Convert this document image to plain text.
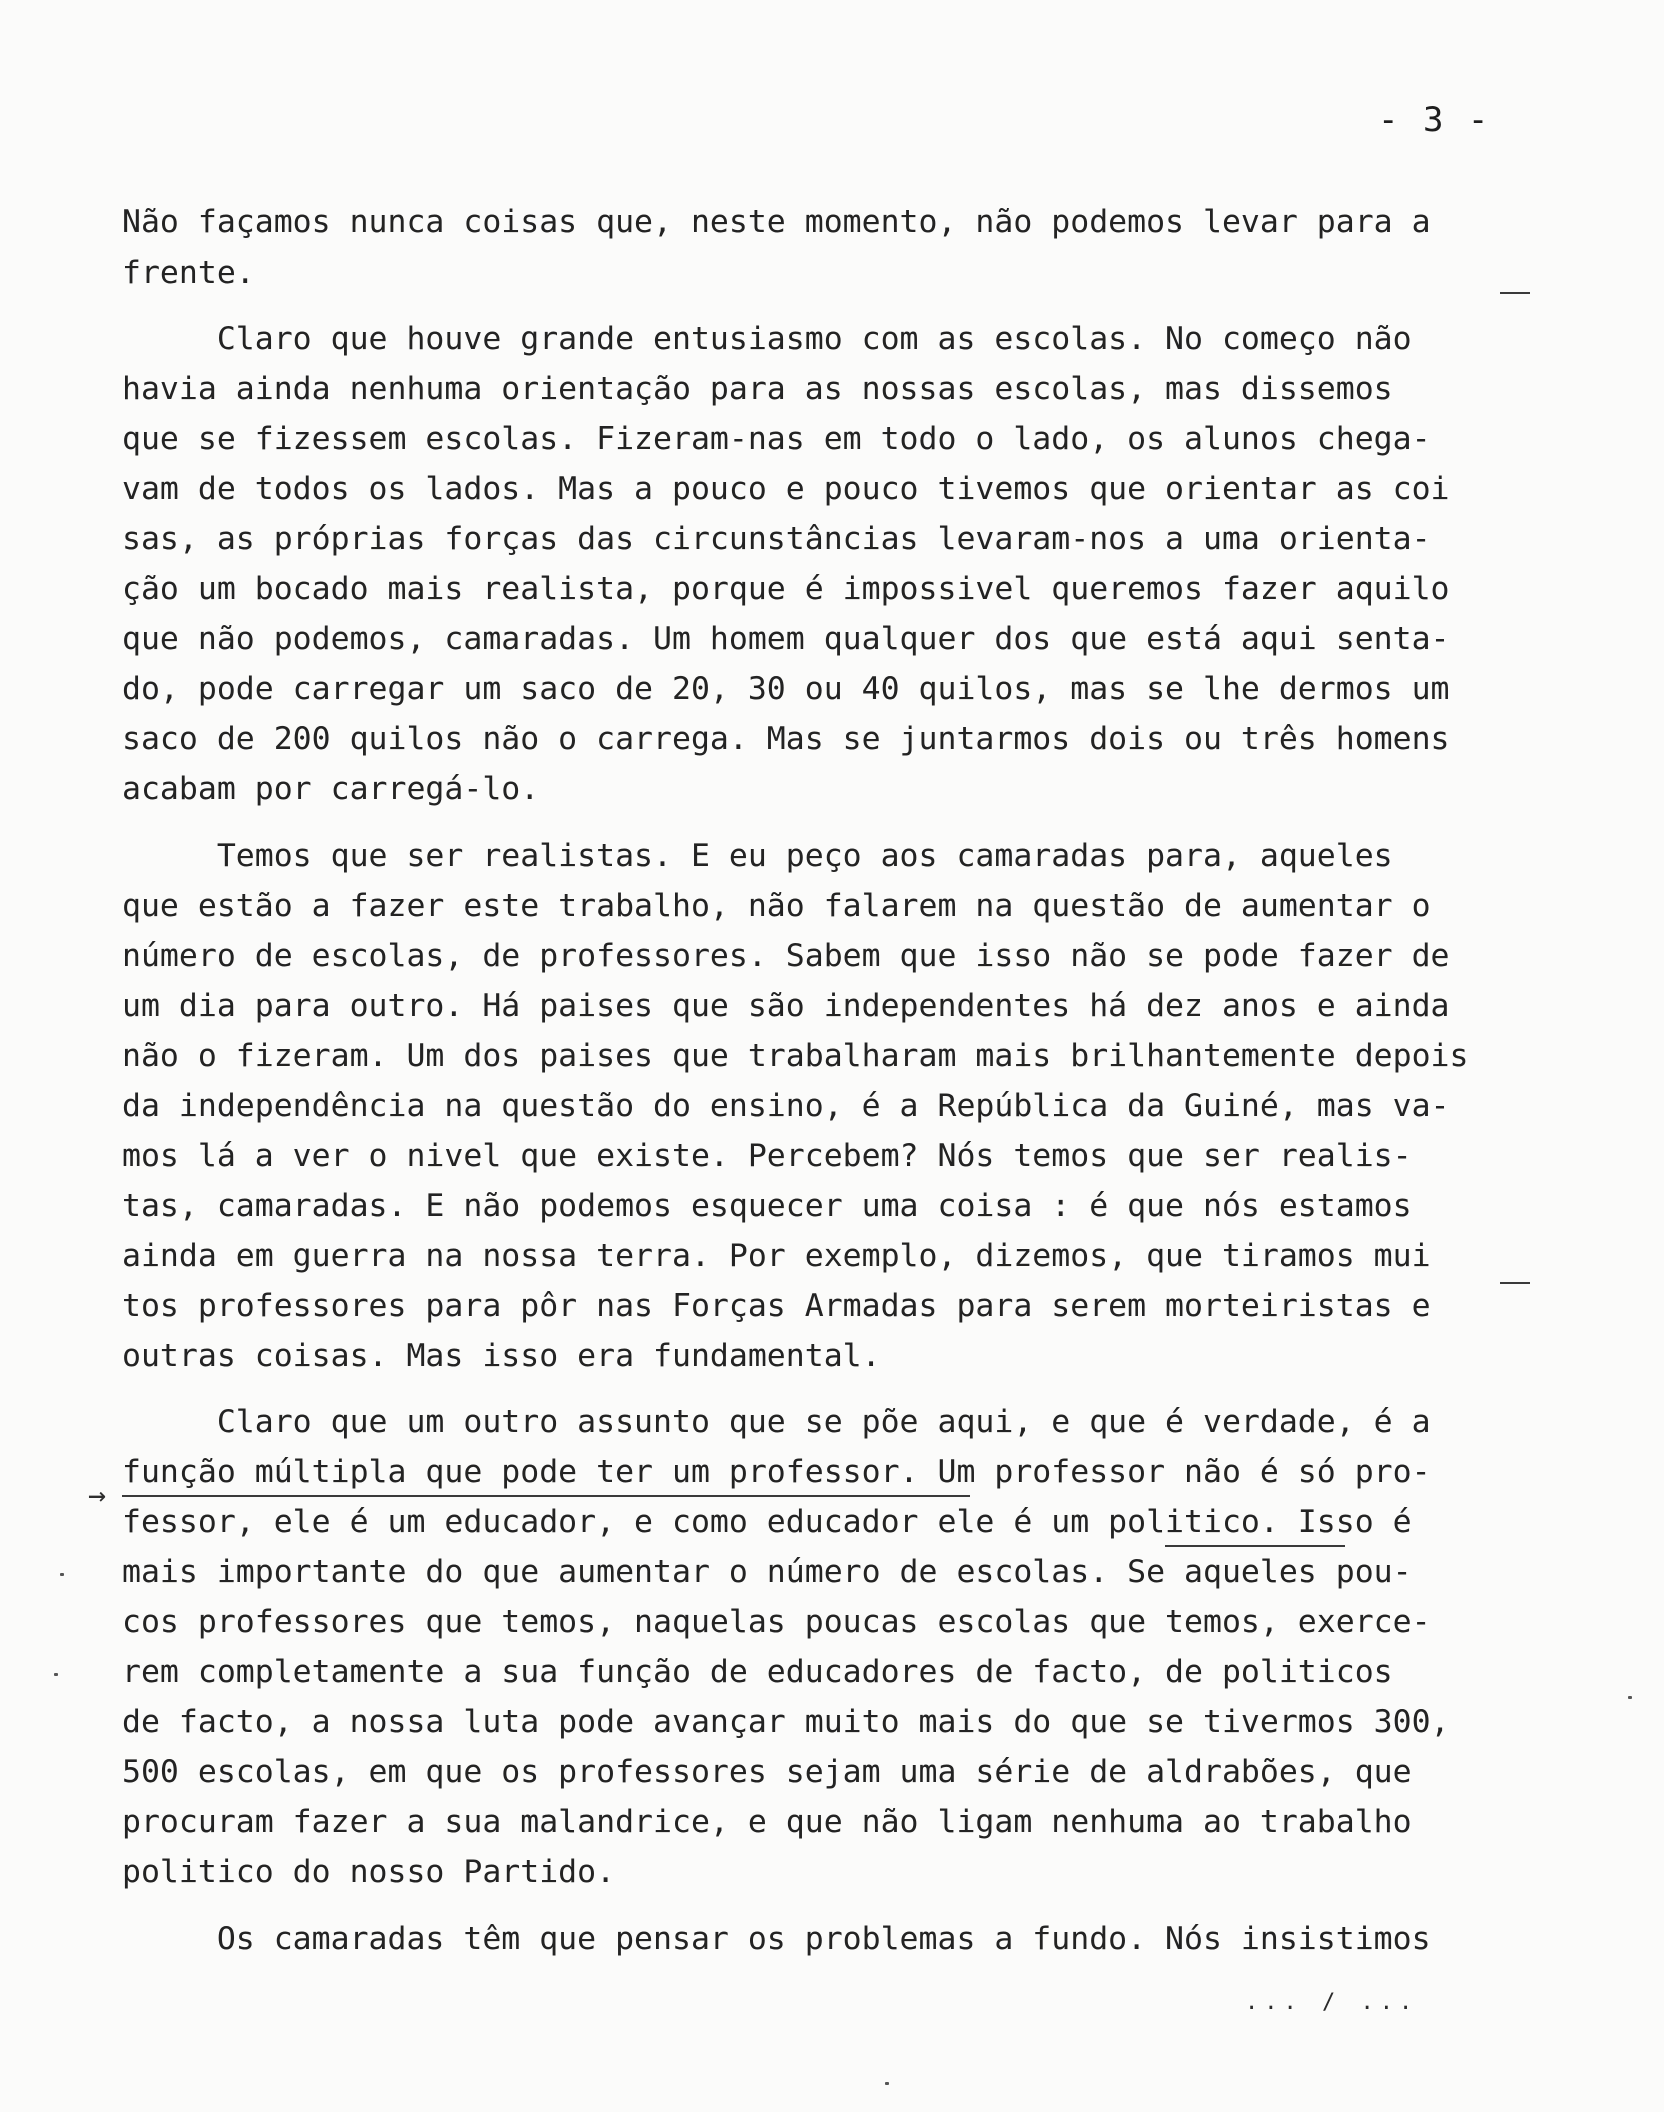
- 3 -
Não façamos nunca coisas que, neste momento, não podemos levar para a
frente.
Claro que houve grande entusiasmo com as escolas. No começo não
havia ainda nenhuma orientação para as nossas escolas, mas dissemos
que se fizessem escolas. Fizeram-nas em todo o lado, os alunos chega-
vam de todos os lados. Mas a pouco e pouco tivemos que orientar as coi
sas, as próprias forças das circunstâncias levaram-nos a uma orienta-
ção um bocado mais realista, porque é impossivel queremos fazer aquilo
que não podemos, camaradas. Um homem qualquer dos que está aqui senta-
do, pode carregar um saco de 20, 30 ou 40 quilos, mas se lhe dermos um
saco de 200 quilos não o carrega. Mas se juntarmos dois ou três homens
acabam por carregá-lo.
Temos que ser realistas. E eu peço aos camaradas para, aqueles
que estão a fazer este trabalho, não falarem na questão de aumentar o
número de escolas, de professores. Sabem que isso não se pode fazer de
um dia para outro. Há paises que são independentes há dez anos e ainda
não o fizeram. Um dos paises que trabalharam mais brilhantemente depois
da independência na questão do ensino, é a República da Guiné, mas va-
mos lá a ver o nivel que existe. Percebem? Nós temos que ser realis-
tas, camaradas. E não podemos esquecer uma coisa : é que nós estamos
ainda em guerra na nossa terra. Por exemplo, dizemos, que tiramos mui
tos professores para pôr nas Forças Armadas para serem morteiristas e
outras coisas. Mas isso era fundamental.
Claro que um outro assunto que se põe aqui, e que é verdade, é a
função múltipla que pode ter um professor. Um professor não é só pro-
fessor, ele é um educador, e como educador ele é um politico. Isso é
mais importante do que aumentar o número de escolas. Se aqueles pou-
cos professores que temos, naquelas poucas escolas que temos, exerce-
rem completamente a sua função de educadores de facto, de politicos
de facto, a nossa luta pode avançar muito mais do que se tivermos 300,
500 escolas, em que os professores sejam uma série de aldrabões, que
procuram fazer a sua malandrice, e que não ligam nenhuma ao trabalho
politico do nosso Partido.
Os camaradas têm que pensar os problemas a fundo. Nós insistimos
→
... / ...
